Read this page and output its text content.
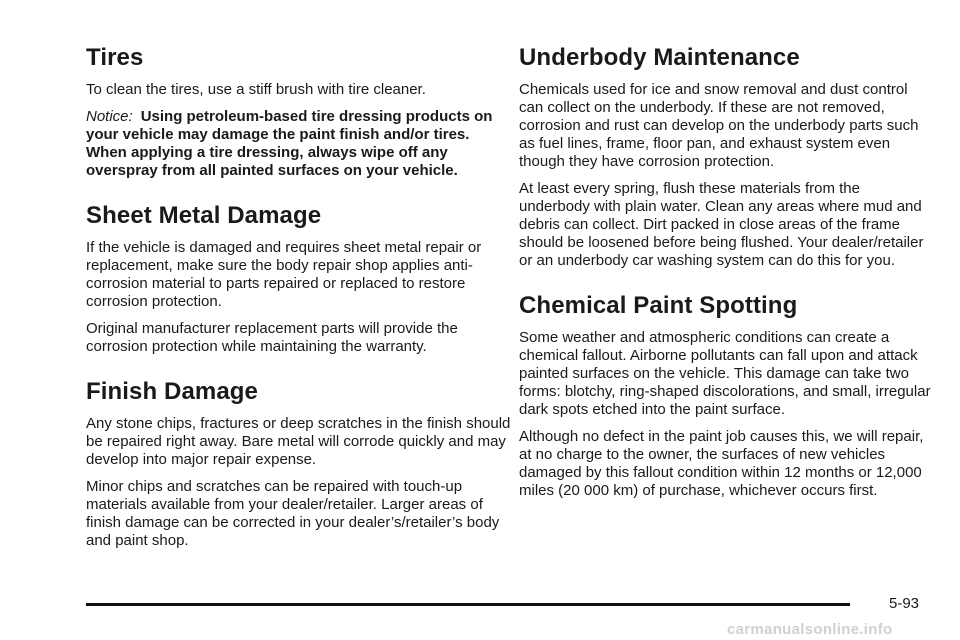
Tires

To clean the tires, use a stiff brush with tire cleaner.

Notice: Using petroleum-based tire dressing products on your vehicle may damage the paint finish and/or tires. When applying a tire dressing, always wipe off any overspray from all painted surfaces on your vehicle.

Sheet Metal Damage

If the vehicle is damaged and requires sheet metal repair or replacement, make sure the body repair shop applies anti-corrosion material to parts repaired or replaced to restore corrosion protection.

Original manufacturer replacement parts will provide the corrosion protection while maintaining the warranty.

Finish Damage

Any stone chips, fractures or deep scratches in the finish should be repaired right away. Bare metal will corrode quickly and may develop into major repair expense.

Minor chips and scratches can be repaired with touch-up materials available from your dealer/retailer. Larger areas of finish damage can be corrected in your dealer’s/retailer’s body and paint shop.

Underbody Maintenance

Chemicals used for ice and snow removal and dust control can collect on the underbody. If these are not removed, corrosion and rust can develop on the underbody parts such as fuel lines, frame, floor pan, and exhaust system even though they have corrosion protection.

At least every spring, flush these materials from the underbody with plain water. Clean any areas where mud and debris can collect. Dirt packed in close areas of the frame should be loosened before being flushed. Your dealer/retailer or an underbody car washing system can do this for you.

Chemical Paint Spotting

Some weather and atmospheric conditions can create a chemical fallout. Airborne pollutants can fall upon and attack painted surfaces on the vehicle. This damage can take two forms: blotchy, ring-shaped discolorations, and small, irregular dark spots etched into the paint surface.

Although no defect in the paint job causes this, we will repair, at no charge to the owner, the surfaces of new vehicles damaged by this fallout condition within 12 months or 12,000 miles (20 000 km) of purchase, whichever occurs first.

5-93
carmanualsonline.info
